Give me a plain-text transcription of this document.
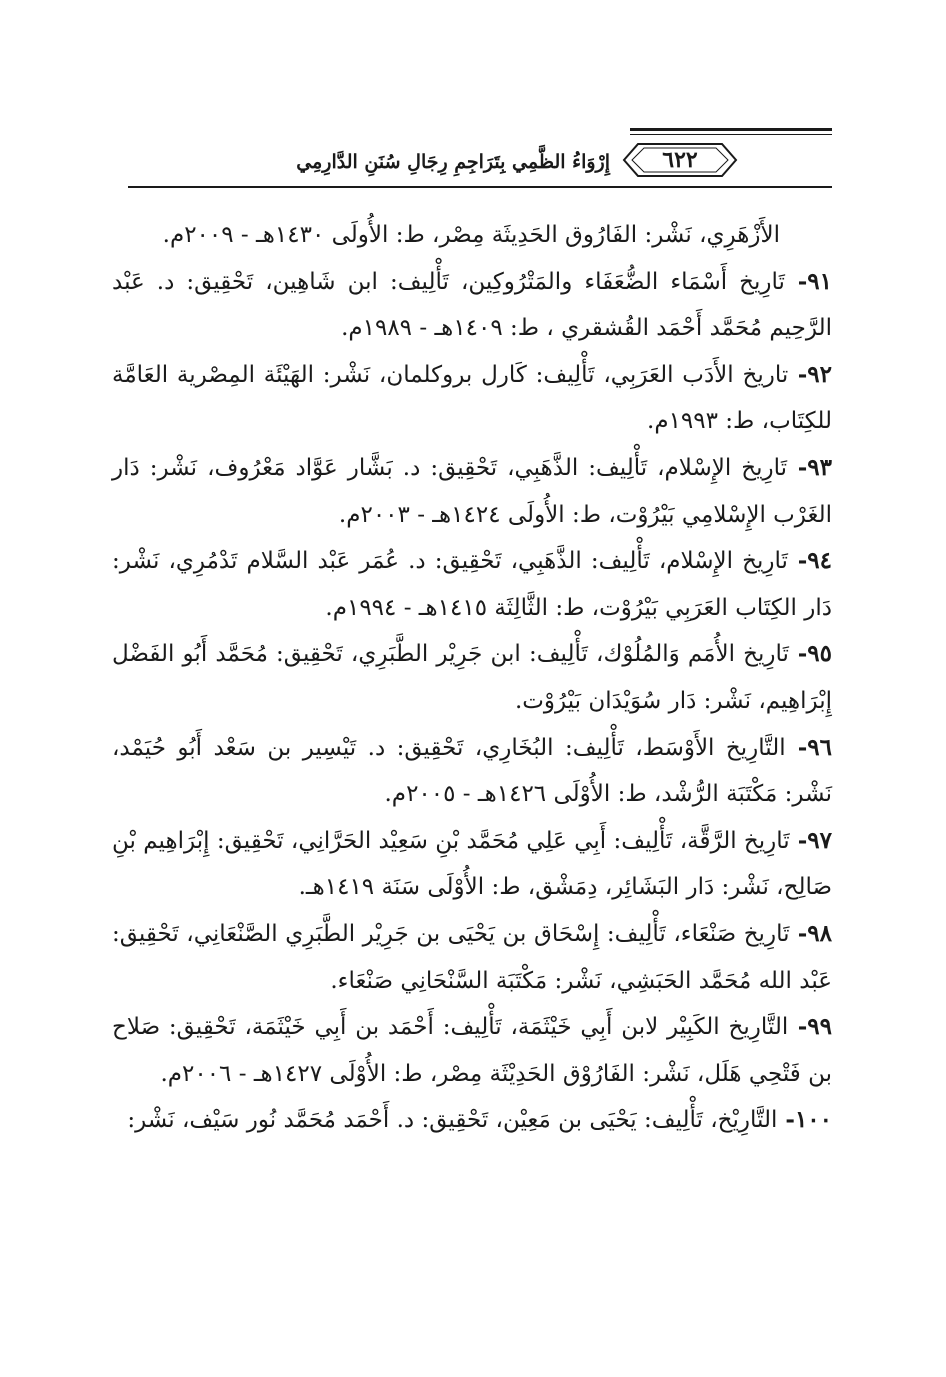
٦٢٢
إِرْوَاءُ الظَّمِي بِتَرَاجِمِ رِجَالِ سُنَنِ الدَّارِمِي

الأَزْهَرِي، نَشْر: الفَارُوق الحَدِيثَة مِصْر، ط: الأُولَى ١٤٣٠هـ - ٢٠٠٩م.

٩١- تَارِيخ أَسْمَاء الضُّعَفَاء والمَتْرُوكِين، تَأْلِيف: ابن شَاهِين، تَحْقِيق: د. عَبْد الرَّحِيم مُحَمَّد أَحْمَد القُشقري ، ط: ١٤٠٩هـ - ١٩٨٩م.

٩٢- تاريخ الأَدَب العَرَبِي، تَأْلِيف: كَارل بروكلمان، نَشْر: الهَيْئَة المِصْرية العَامَّة للكِتَاب، ط: ١٩٩٣م.

٩٣- تَارِيخ الإِسْلام، تَأْلِيف: الذَّهَبِي، تَحْقِيق: د. بَشَّار عَوَّاد مَعْرُوف، نَشْر: دَار الغَرْب الإِسْلامِي بَيْرُوْت، ط: الأُولَى ١٤٢٤هـ - ٢٠٠٣م.

٩٤- تَارِيخ الإِسْلام، تَأْلِيف: الذَّهَبِي، تَحْقِيق: د. عُمَر عَبْد السَّلام تَدْمُرِي، نَشْر: دَار الكِتَاب العَرَبِي بَيْرُوْت، ط: الثَّالِثَة ١٤١٥هـ - ١٩٩٤م.

٩٥- تَارِيخ الأُمَم وَالمُلُوْك، تَأْلِيف: ابن جَرِيْر الطَّبَرِي، تَحْقِيق: مُحَمَّد أَبُو الفَضْل إِبْرَاهِيم، نَشْر: دَار سُوَيْدَان بَيْرُوْت.

٩٦- التَّارِيخ الأَوْسَط، تَأْلِيف: البُخَارِي، تَحْقِيق: د. تَيْسِير بن سَعْد أَبُو حُيَمْد، نَشْر: مَكْتَبَة الرُّشْد، ط: الأُوْلَى ١٤٢٦هـ - ٢٠٠٥م.

٩٧- تَارِيخ الرَّقَّة، تَأْلِيف: أَبِي عَلِي مُحَمَّد بْنِ سَعِيْد الحَرَّانِي، تَحْقِيق: إِبْرَاهِيم بْنِ صَالِح، نَشْر: دَار البَشَائِر، دِمَشْق، ط: الأُوْلَى سَنَة ١٤١٩هـ.

٩٨- تَارِيخ صَنْعَاء، تَأْلِيف: إِسْحَاق بن يَحْيَى بن جَرِيْر الطَّبَرِي الصَّنْعَانِي، تَحْقِيق: عَبْد الله مُحَمَّد الحَبَشِي، نَشْر: مَكْتَبَة السَّنْحَانِي صَنْعَاء.

٩٩- التَّارِيخ الكَبِيْر لابن أَبِي خَيْثَمَة، تَأْلِيف: أَحْمَد بن أَبِي خَيْثَمَة، تَحْقِيق: صَلاح بن فَتْحِي هَلَل، نَشْر: الفَارُوْق الحَدِيْثَة مِصْر، ط: الأُوْلَى ١٤٢٧هـ - ٢٠٠٦م.

١٠٠- التَّارِيْخ، تَأْلِيف: يَحْيَى بن مَعِيْن، تَحْقِيق: د. أَحْمَد مُحَمَّد نُور سَيْف، نَشْر:
